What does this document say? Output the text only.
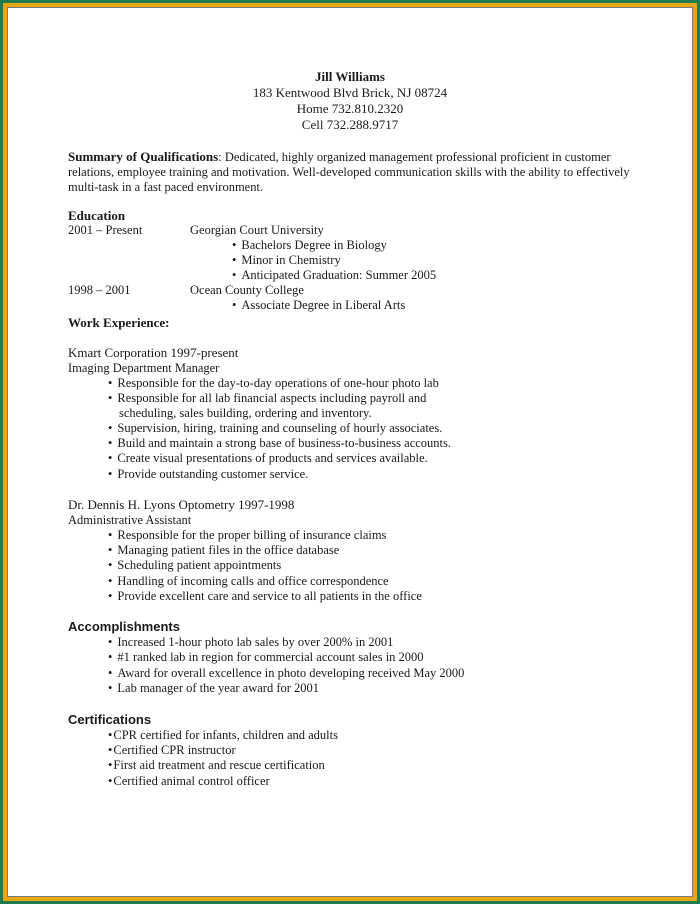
Jill Williams
183 Kentwood Blvd Brick, NJ 08724
Home 732.810.2320
Cell 732.288.9717
Summary of Qualifications: Dedicated, highly organized management professional proficient in customer relations, employee training and motivation. Well-developed communication skills with the ability to effectively multi-task in a fast paced environment.
Education
2001 – Present	Georgian Court University
• Bachelors Degree in Biology
• Minor in Chemistry
• Anticipated Graduation: Summer 2005
1998 – 2001	Ocean County College
• Associate Degree in Liberal Arts
Work Experience:
Kmart Corporation 1997-present
Imaging Department Manager
• Responsible for the day-to-day operations of one-hour photo lab
• Responsible for all lab financial aspects including payroll and
scheduling, sales building, ordering and inventory.
• Supervision, hiring, training and counseling of hourly associates.
• Build and maintain a strong base of business-to-business accounts.
• Create visual presentations of products and services available.
• Provide outstanding customer service.
Dr. Dennis H. Lyons Optometry 1997-1998
Administrative Assistant
• Responsible for the proper billing of insurance claims
• Managing patient files in the office database
• Scheduling patient appointments
• Handling of incoming calls and office correspondence
• Provide excellent care and service to all patients in the office
Accomplishments
• Increased 1-hour photo lab sales by over 200% in 2001
• #1 ranked lab in region for commercial account sales in 2000
• Award for overall excellence in photo developing received May 2000
• Lab manager of the year award for 2001
Certifications
• CPR certified for infants, children and adults
• Certified CPR instructor
• First aid treatment and rescue certification
• Certified animal control officer
